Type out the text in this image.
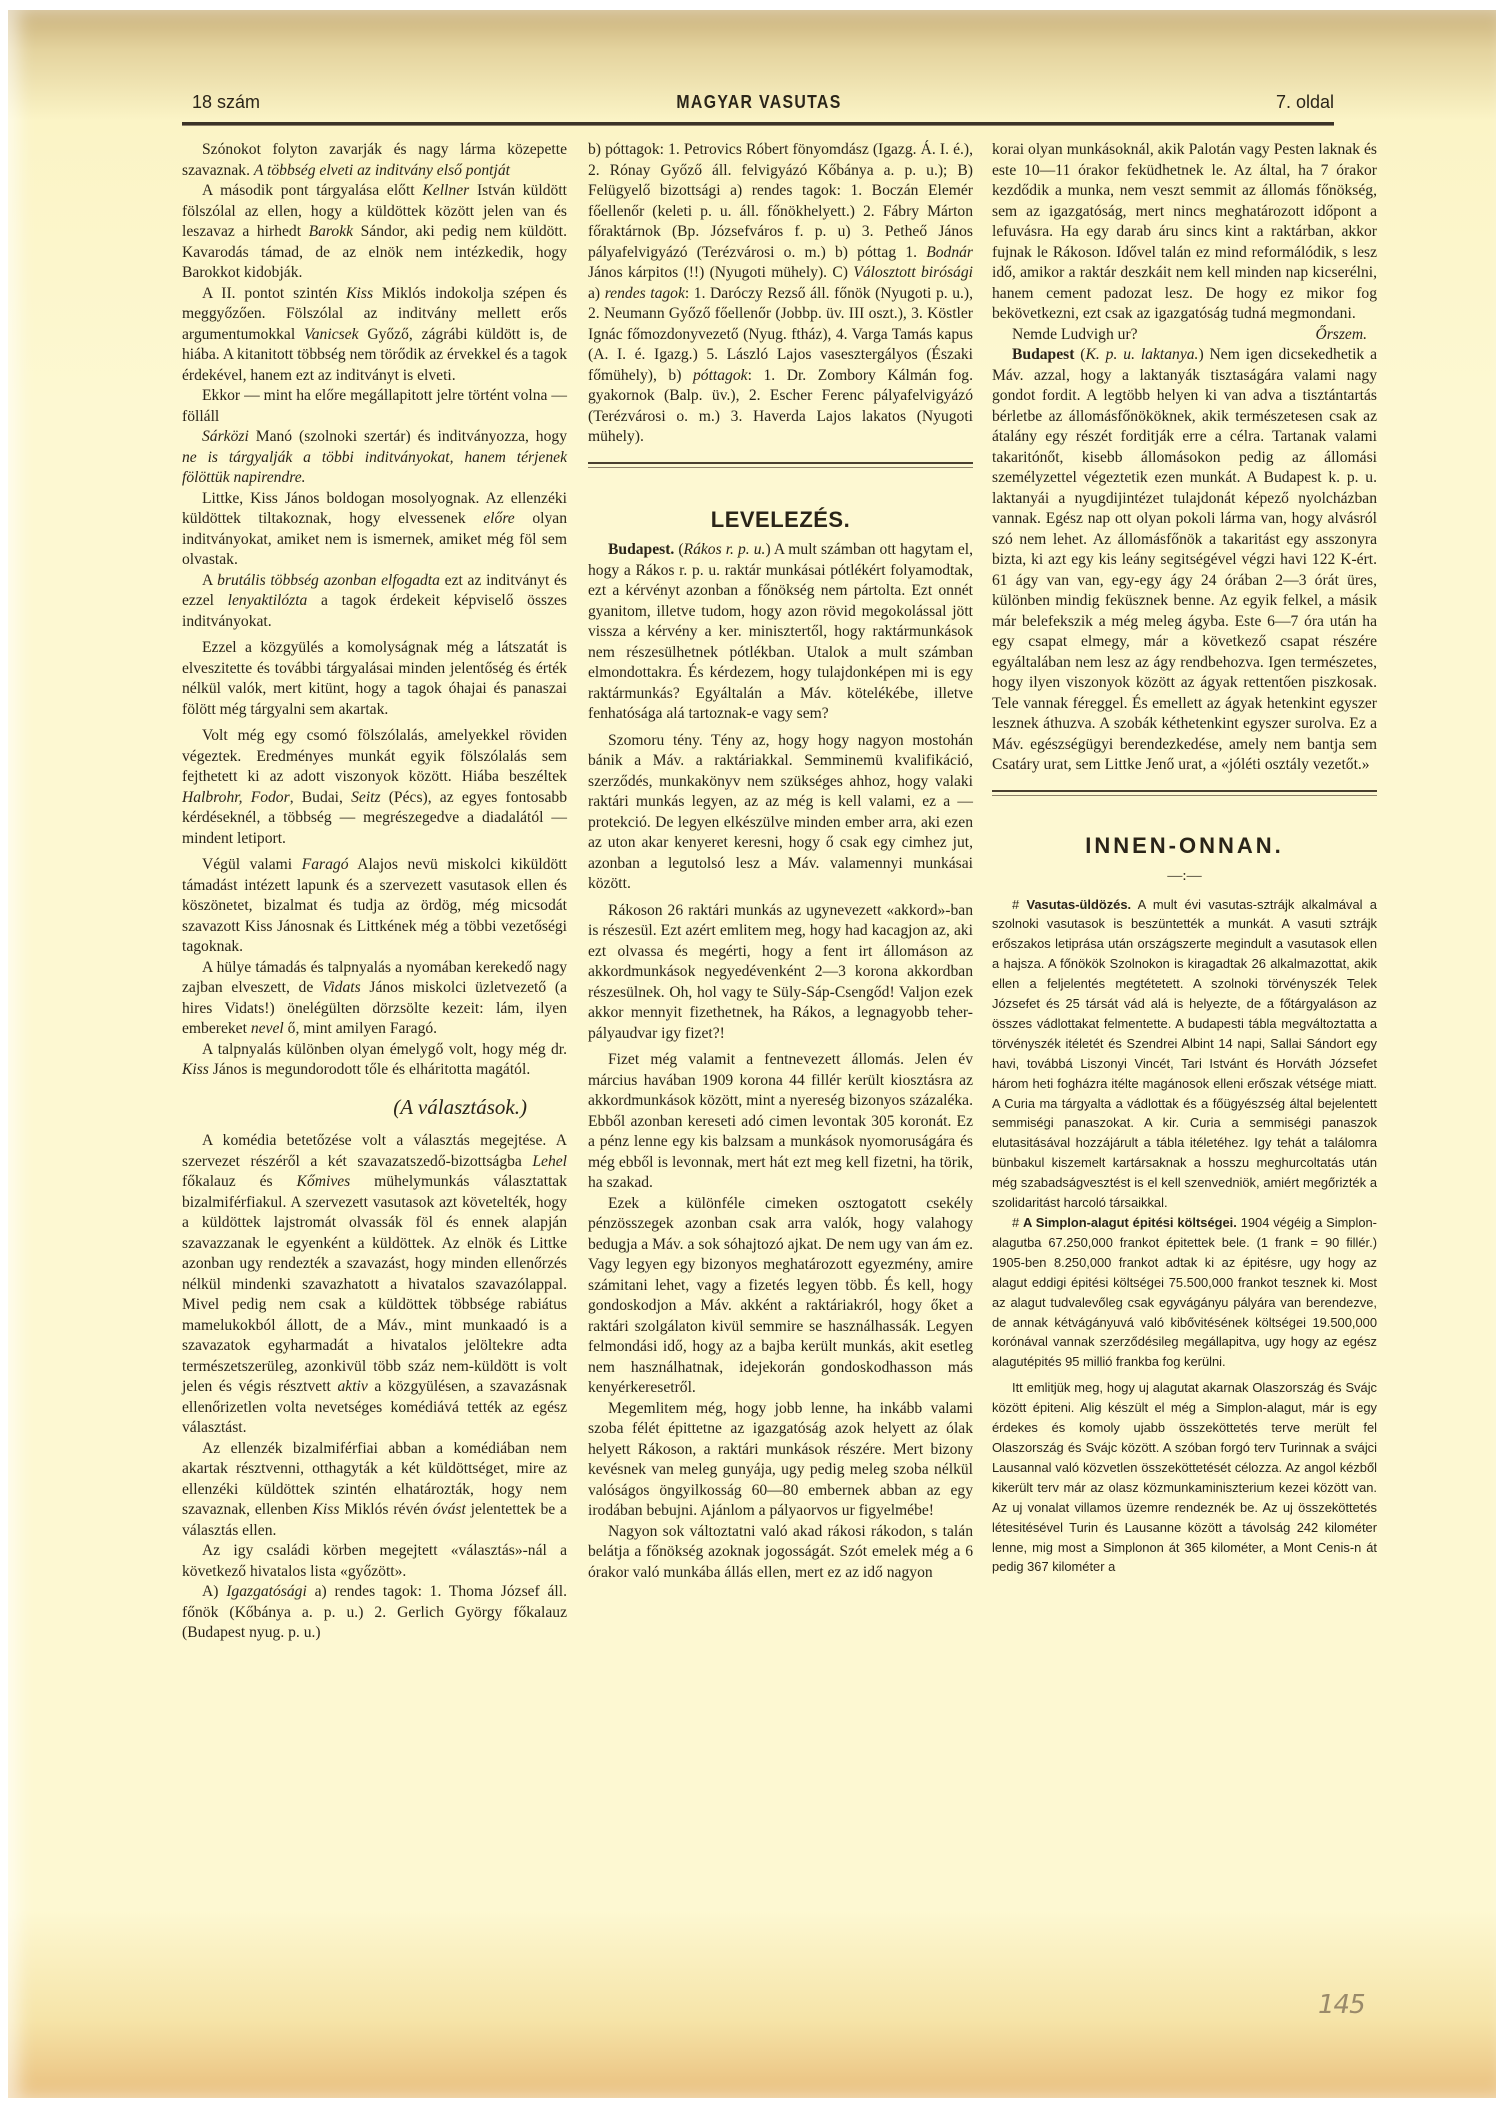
18 szám	MAGYAR VASUTAS	7. oldal

Szónokot folyton zavarják és nagy lárma közepette szavaznak. A többség elveti az inditvány első pontját

A második pont tárgyalása előtt Kellner István küldött fölszólal az ellen, hogy a küldöttek között jelen van és leszavaz a hirhedt Barokk Sándor, aki pedig nem küldött. Kavarodás támad, de az elnök nem intézkedik, hogy Barokkot kidobják.

A II. pontot szintén Kiss Miklós indokolja szépen és meggyőzően. Fölszólal az inditvány mellett erős argumentumokkal Vanicsek Győző, zágrábi küldött is, de hiába. A kitanitott többség nem törődik az érvekkel és a tagok érdekével, hanem ezt az inditványt is elveti.

Ekkor — mint ha előre megállapitott jelre történt volna — fölláll

Sárközi Manó (szolnoki szertár) és inditványozza, hogy ne is tárgyalják a többi inditványokat, hanem térjenek fölöttük napirendre.

Littke, Kiss János boldogan mosolyognak. Az ellenzéki küldöttek tiltakoznak, hogy elvessenek előre olyan inditványokat, amiket nem is ismernek, amiket még föl sem olvastak.

A brutális többség azonban elfogadta ezt az inditványt és ezzel lenyaktilózta a tagok érdekeit képviselő összes inditványokat.

Ezzel a közgyülés a komolyságnak még a látszatát is elveszitette és további tárgyalásai minden jelentőség és érték nélkül valók, mert kitünt, hogy a tagok óhajai és panaszai fölött még tárgyalni sem akartak.

Volt még egy csomó fölszólalás, amelyekkel röviden végeztek. Eredményes munkát egyik fölszólalás sem fejthetett ki az adott viszonyok között. Hiába beszéltek Halbrohr, Fodor, Budai, Seitz (Pécs), az egyes fontosabb kérdéseknél, a többség — megrészegedve a diadalától — mindent letiport.

Végül valami Faragó Alajos nevü miskolci kiküldött támadást intézett lapunk és a szervezett vasutasok ellen és köszönetet, bizalmat és tudja az ördög, még micsodát szavazott Kiss Jánosnak és Littkének még a többi vezetőségi tagoknak.

A hülye támadás és talpnyalás a nyomában kerekedő nagy zajban elveszett, de Vidats János miskolci üzletvezető (a hires Vidats!) önelégülten dörzsölte kezeit: lám, ilyen embereket nevel ő, mint amilyen Faragó.

A talpnyalás különben olyan émelygő volt, hogy még dr. Kiss János is megundorodott tőle és elháritotta magától.

(A választások.)

A komédia betetőzése volt a választás megejtése. A szervezet részéről a két szavazatszedő-bizottságba Lehel főkalauz és Kőmives mühelymunkás választattak bizalmiférfiakul. A szervezett vasutasok azt követelték, hogy a küldöttek lajstromát olvassák föl és ennek alapján szavazzanak le egyenként a küldöttek. Az elnök és Littke azonban ugy rendezték a szavazást, hogy minden ellenőrzés nélkül mindenki szavazhatott a hivatalos szavazólappal. Mivel pedig nem csak a küldöttek többsége rabiátus mamelukokból állott, de a Máv., mint munkaadó is a szavazatok egyharmadát a hivatalos jelöltekre adta természetszerüleg, azonkivül több száz nem-küldött is volt jelen és végis résztvett aktiv a közgyülésen, a szavazásnak ellenőrizetlen volta nevetséges komédiává tették az egész választást.

Az ellenzék bizalmiférfiai abban a komédiában nem akartak résztvenni, otthagyták a két küldöttséget, mire az ellenzéki küldöttek szintén elhatározták, hogy nem szavaznak, ellenben Kiss Miklós révén óvást jelentettek be a választás ellen.

Az igy családi körben megejtett «választás»-nál a következő hivatalos lista «győzött».

A) Igazgatósági a) rendes tagok: 1. Thoma József áll. főnök (Kőbánya a. p. u.) 2. Gerlich György főkalauz (Budapest nyug. p. u.)

b) póttagok: 1. Petrovics Róbert fönyomdász (Igazg. Á. I. é.), 2. Rónay Győző áll. felvigyázó Kőbánya a. p. u.); B) Felügyelő bizottsági a) rendes tagok: 1. Boczán Elemér főellenőr (keleti p. u. áll. főnökhelyett.) 2. Fábry Márton főraktárnok (Bp. Józsefváros f. p. u) 3. Petheő János pályafelvigyázó (Terézvárosi o. m.) b) póttag 1. Bodnár János kárpitos (!!) (Nyugoti mühely). C) Válosztott birósági a) rendes tagok: 1. Daróczy Rezső áll. főnök (Nyugoti p. u.), 2. Neumann Győző főellenőr (Jobbp. üv. III oszt.), 3. Köstler Ignác főmozdonyvezető (Nyug. ftház), 4. Varga Tamás kapus (A. I. é. Igazg.) 5. László Lajos vasesztergályos (Északi főmühely), b) póttagok: 1. Dr. Zombory Kálmán fog. gyakornok (Balp. üv.), 2. Escher Ferenc pályafelvigyázó (Terézvárosi o. m.) 3. Haverda Lajos lakatos (Nyugoti mühely).

LEVELEZÉS.

Budapest. (Rákos r. p. u.) A mult számban ott hagytam el, hogy a Rákos r. p. u. raktár munkásai pótlékért folyamodtak, ezt a kérvényt azonban a főnökség nem pártolta. Ezt onnét gyanitom, illetve tudom, hogy azon rövid megokolással jött vissza a kérvény a ker. minisztertől, hogy raktármunkások nem részesülhetnek pótlékban. Utalok a mult számban elmondottakra. És kérdezem, hogy tulajdonképen mi is egy raktármunkás? Egyáltalán a Máv. kötelékébe, illetve fenhatósága alá tartoznak-e vagy sem?

Szomoru tény. Tény az, hogy hogy nagyon mostohán bánik a Máv. a raktáriakkal. Semminemü kvalifikáció, szerződés, munkakönyv nem szükséges ahhoz, hogy valaki raktári munkás legyen, az az még is kell valami, ez a — protekció. De legyen elkészülve minden ember arra, aki ezen az uton akar kenyeret keresni, hogy ő csak egy cimhez jut, azonban a legutolsó lesz a Máv. valamennyi munkásai között.

Rákoson 26 raktári munkás az ugynevezett «akkord»-ban is részesül. Ezt azért emlitem meg, hogy had kacagjon az, aki ezt olvassa és megérti, hogy a fent irt állomáson az akkordmunkások negyedévenként 2—3 korona akkordban részesülnek. Oh, hol vagy te Süly-Sáp-Csengőd! Valjon ezek akkor mennyit fizethetnek, ha Rákos, a legnagyobb teher-pályaudvar igy fizet?!

Fizet még valamit a fentnevezett állomás. Jelen év március havában 1909 korona 44 fillér került kiosztásra az akkordmunkások között, mint a nyereség bizonyos százaléka. Ebből azonban kereseti adó cimen levontak 305 koronát. Ez a pénz lenne egy kis balzsam a munkások nyomoruságára és még ebből is levonnak, mert hát ezt meg kell fizetni, ha törik, ha szakad.

Ezek a különféle cimeken osztogatott csekély pénzösszegek azonban csak arra valók, hogy valahogy bedugja a Máv. a sok sóhajtozó ajkat. De nem ugy van ám ez. Vagy legyen egy bizonyos meghatározott egyezmény, amire számitani lehet, vagy a fizetés legyen több. És kell, hogy gondoskodjon a Máv. akként a raktáriakról, hogy őket a raktári szolgálaton kivül semmire se használhassák. Legyen felmondási idő, hogy az a bajba került munkás, akit esetleg nem használhatnak, idejekorán gondoskodhasson más kenyérkeresetről.

Megemlitem még, hogy jobb lenne, ha inkább valami szoba félét épittetne az igazgatóság azok helyett az ólak helyett Rákoson, a raktári munkások részére. Mert bizony kevésnek van meleg gunyája, ugy pedig meleg szoba nélkül valóságos öngyilkosság 60—80 embernek abban az egy irodában bebujni. Ajánlom a pályaorvos ur figyelmébe!

Nagyon sok változtatni való akad rákosi rákodon, s talán belátja a főnökség azoknak jogosságát. Szót emelek még a 6 órakor való munkába állás ellen, mert ez az idő nagyon

korai olyan munkásoknál, akik Palotán vagy Pesten laknak és este 10—11 órakor feküdhetnek le. Az által, ha 7 órakor kezdődik a munka, nem veszt semmit az állomás főnökség, sem az igazgatóság, mert nincs meghatározott időpont a lefuvásra. Ha egy darab áru sincs kint a raktárban, akkor fujnak le Rákoson. Idővel talán ez mind reformálódik, s lesz idő, amikor a raktár deszkáit nem kell minden nap kicserélni, hanem cement padozat lesz. De hogy ez mikor fog bekövetkezni, ezt csak az igazgatóság tudná megmondani.

Nemde Ludvigh ur?	Őrszem.

Budapest (K. p. u. laktanya.) Nem igen dicsekedhetik a Máv. azzal, hogy a laktanyák tisztaságára valami nagy gondot fordit. A legtöbb helyen ki van adva a tisztántartás bérletbe az állomásfőnököknek, akik természetesen csak az átalány egy részét forditják erre a célra. Tartanak valami takaritónőt, kisebb állomásokon pedig az állomási személyzettel végeztetik ezen munkát. A Budapest k. p. u. laktanyái a nyugdijintézet tulajdonát képező nyolcházban vannak. Egész nap ott olyan pokoli lárma van, hogy alvásról szó nem lehet. Az állomásfőnök a takaritást egy asszonyra bizta, ki azt egy kis leány segitségével végzi havi 122 K-ért. 61 ágy van van, egy-egy ágy 24 órában 2—3 órát üres, különben mindig feküsznek benne. Az egyik felkel, a másik már belefekszik a még meleg ágyba. Este 6—7 óra után ha egy csapat elmegy, már a következő csapat részére egyáltalában nem lesz az ágy rendbehozva. Igen természetes, hogy ilyen viszonyok között az ágyak rettentően piszkosak. Tele vannak féreggel. És emellett az ágyak hetenkint egyszer lesznek áthuzva. A szobák kéthetenkint egyszer surolva. Ez a Máv. egészségügyi berendezkedése, amely nem bantja sem Csatáry urat, sem Littke Jenő urat, a «jóléti osztály vezetőt.»

INNEN-ONNAN.
—:—

# Vasutas-üldözés. A mult évi vasutas-sztrájk alkalmával a szolnoki vasutasok is beszüntették a munkát. A vasuti sztrájk erőszakos letiprása után országszerte megindult a vasutasok ellen a hajsza. A főnökök Szolnokon is kiragadtak 26 alkalmazottat, akik ellen a feljelentés megtétetett. A szolnoki törvényszék Telek Józsefet és 25 társát vád alá is helyezte, de a főtárgyaláson az összes vádlottakat felmentette. A budapesti tábla megváltoztatta a törvényszék itéletét és Szendrei Albint 14 napi, Sallai Sándort egy havi, továbbá Liszonyi Vincét, Tari Istvánt és Horváth Józsefet három heti fogházra itélte magánosok elleni erőszak vétsége miatt. A Curia ma tárgyalta a vádlottak és a főügyészség által bejelentett semmiségi panaszokat. A kir. Curia a semmiségi panaszok elutasitásával hozzájárult a tábla itéletéhez. Igy tehát a találomra bünbakul kiszemelt kartársaknak a hosszu meghurcoltatás után még szabadságvesztést is el kell szenvedniök, amiért megőrizték a szolidaritást harcoló társaikkal.

# A Simplon-alagut épitési költségei. 1904 végéig a Simplon-alagutba 67.250,000 frankot épitettek bele. (1 frank = 90 fillér.) 1905-ben 8.250,000 frankot adtak ki az épitésre, ugy hogy az alagut eddigi épitési költségei 75.500,000 frankot tesznek ki. Most az alagut tudvalevőleg csak egyvágányu pályára van berendezve, de annak kétvágányuvá való kibővitésének költségei 19.500,000 korónával vannak szerződésileg megállapitva, ugy hogy az egész alagutépités 95 millió frankba fog kerülni.

Itt emlitjük meg, hogy uj alagutat akarnak Olaszország és Svájc között épiteni. Alig készült el még a Simplon-alagut, már is egy érdekes és komoly ujabb összeköttetés terve merült fel Olaszország és Svájc között. A szóban forgó terv Turinnak a svájci Lausannal való közvetlen összeköttetését célozza. Az angol kézből kikerült terv már az olasz közmunkaminiszterium kezei között van. Az uj vonalat villamos üzemre rendeznék be. Az uj összeköttetés létesitésével Turin és Lausanne között a távolság 242 kilométer lenne, mig most a Simplonon át 365 kilométer, a Mont Cenis-n át pedig 367 kilométer a

145
